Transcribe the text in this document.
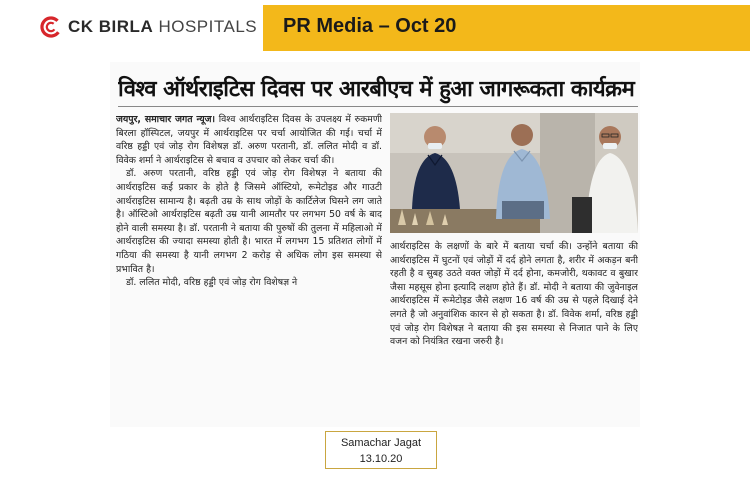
CK BIRLA HOSPITALS PR Media – Oct 20
विश्व ऑर्थराइटिस दिवस पर आरबीएच में हुआ जागरूकता कार्यक्रम

जयपुर, समाचार जगत न्यूज। विश्व आर्थराइटिस दिवस के उपलक्ष्य में रुकमणी बिरला हॉस्पिटल, जयपुर में आर्थराइटिस पर चर्चा आयोजित की गई। चर्चा में वरिष्ठ हड्डी एवं जोड़ रोग विशेषज्ञ डॉ. अरुण परतानी, डॉ. ललित मोदी व डॉ. विवेक शर्मा ने आर्थराइटिस से बचाव व उपचार को लेकर चर्चा की।

डॉ. अरुण परतानी, वरिष्ठ हड्डी एवं जोड़ रोग विशेषज्ञ ने बताया की आर्थराइटिस कई प्रकार के होते है जिसमे ऑस्टियो, रूमेटोइड और गाउटी आर्थराइटिस सामान्य है। बढ़ती उम्र के साथ जोड़ों के कार्टिलेज घिसने लग जाते है। ऑस्टिओ आर्थराइटिस बढ़ती उम्र यानी आमतौर पर लगभग 50 वर्ष के बाद होने वाली समस्या है। डॉ. परतानी ने बताया की पुरुषों की तुलना में महिलाओ में आर्थराइटिस की ज्यादा समस्या होती है। भारत में लगभग 15 प्रतिशत लोगों में गठिया की समस्या है यानी लगभग 2 करोड़ से अधिक लोग इस समस्या से प्रभावित है।

डॉ. ललित मोदी, वरिष्ठ हड्डी एवं जोड़ रोग विशेषज्ञ ने

आर्थराइटिस के लक्षणों के बारे में बताया चर्चा की। उन्होंने बताया की आर्थराइटिस में घुटनों एवं जोड़ों में दर्द होने लगता है, शरीर में अकड़न बनी रहती है व सुबह उठते वक्त जोड़ों में दर्द होना, कमजोरी, थकावट व बुखार जैसा महसूस होना इत्यादि लक्षण होते हैं। डॉ. मोदी ने बताया की जुवेनाइल आर्थराइटिस में रूमेटोइड जैसे लक्षण 16 वर्ष की उम्र से पहले दिखाई देने लगते है जो अनुवांशिक कारन से हो सकता है। डॉ. विवेक शर्मा, वरिष्ठ हड्डी एवं जोड़ रोग विशेषज्ञ ने बताया की इस समस्या से निजात पाने के लिए वजन को नियंत्रित रखना जरुरी है।
Samachar Jagat
13.10.20
